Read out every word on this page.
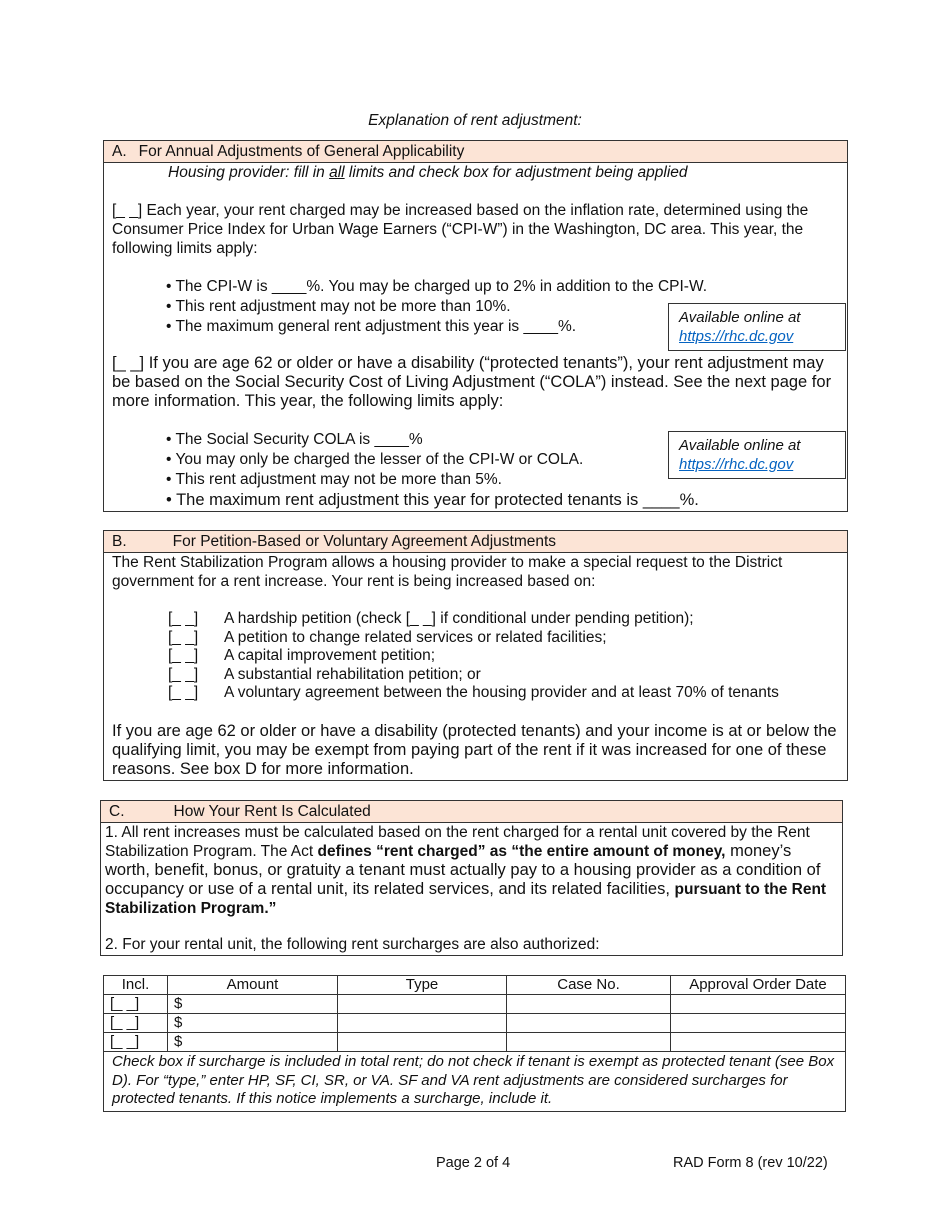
Explanation of rent adjustment:
A. For Annual Adjustments of General Applicability
Housing provider: fill in all limits and check box for adjustment being applied
[_ _] Each year, your rent charged may be increased based on the inflation rate, determined using the Consumer Price Index for Urban Wage Earners (“CPI-W”) in the Washington, DC area. This year, the following limits apply:
• The CPI-W is ____%. You may be charged up to 2% in addition to the CPI-W.
• This rent adjustment may not be more than 10%.
• The maximum general rent adjustment this year is ____%.
Available online at
https://rhc.dc.gov
[_ _] If you are age 62 or older or have a disability (“protected tenants”), your rent adjustment may be based on the Social Security Cost of Living Adjustment (“COLA”) instead. See the next page for more information. This year, the following limits apply:
• The Social Security COLA is ____%
• You may only be charged the lesser of the CPI-W or COLA.
• This rent adjustment may not be more than 5%.
• The maximum rent adjustment this year for protected tenants is ____%.
Available online at
https://rhc.dc.gov
B.	For Petition-Based or Voluntary Agreement Adjustments
The Rent Stabilization Program allows a housing provider to make a special request to the District government for a rent increase. Your rent is being increased based on:
[_ _]	A hardship petition (check [_ _] if conditional under pending petition);
[_ _]	A petition to change related services or related facilities;
[_ _]	A capital improvement petition;
[_ _]	A substantial rehabilitation petition; or
[_ _]	A voluntary agreement between the housing provider and at least 70% of tenants
If you are age 62 or older or have a disability (protected tenants) and your income is at or below the qualifying limit, you may be exempt from paying part of the rent if it was increased for one of these reasons. See box D for more information.
C.	How Your Rent Is Calculated
1. All rent increases must be calculated based on the rent charged for a rental unit covered by the Rent Stabilization Program. The Act defines “rent charged” as “the entire amount of money, money’s worth, benefit, bonus, or gratuity a tenant must actually pay to a housing provider as a condition of occupancy or use of a rental unit, its related services, and its related facilities, pursuant to the Rent Stabilization Program.”
2. For your rental unit, the following rent surcharges are also authorized:
Incl.	Amount	Type	Case No.	Approval Order Date
[_ _]	$			
[_ _]	$			
[_ _]	$			
Check box if surcharge is included in total rent; do not check if tenant is exempt as protected tenant (see Box D). For “type,” enter HP, SF, CI, SR, or VA. SF and VA rent adjustments are considered surcharges for protected tenants. If this notice implements a surcharge, include it.				
Page 2 of 4	RAD Form 8 (rev 10/22)
